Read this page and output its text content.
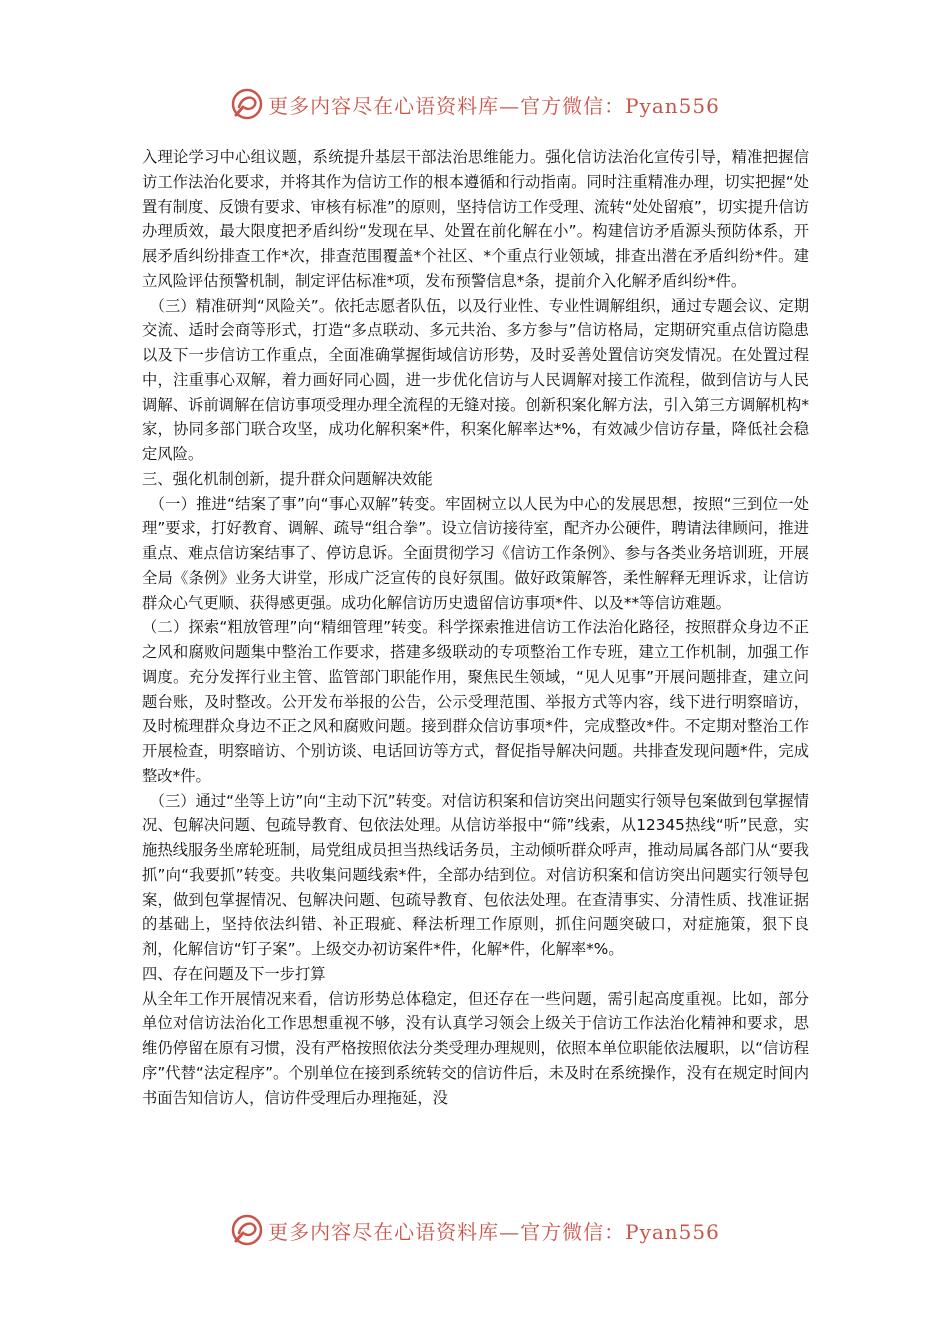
更多内容尽在心语资料库—官方微信：Pyan556

入理论学习中心组议题，系统提升基层干部法治思维能力。强化信访法治化宣传引导，精准把握信访工作法治化要求，并将其作为信访工作的根本遵循和行动指南。同时注重精准办理，切实把握“处置有制度、反馈有要求、审核有标准”的原则，坚持信访工作受理、流转“处处留痕”，切实提升信访办理质效，最大限度把矛盾纠纷“发现在早、处置在前化解在小”。构建信访矛盾源头预防体系，开展矛盾纠纷排查工作*次，排查范围覆盖*个社区、*个重点行业领域，排查出潜在矛盾纠纷*件。建立风险评估预警机制，制定评估标准*项，发布预警信息*条，提前介入化解矛盾纠纷*件。

（三）精准研判“风险关”。依托志愿者队伍，以及行业性、专业性调解组织，通过专题会议、定期交流、适时会商等形式，打造“多点联动、多元共治、多方参与”信访格局，定期研究重点信访隐患以及下一步信访工作重点，全面准确掌握街域信访形势，及时妥善处置信访突发情况。在处置过程中，注重事心双解，着力画好同心圆，进一步优化信访与人民调解对接工作流程，做到信访与人民调解、诉前调解在信访事项受理办理全流程的无缝对接。创新积案化解方法，引入第三方调解机构*家，协同多部门联合攻坚，成功化解积案*件，积案化解率达*%，有效减少信访存量，降低社会稳定风险。

三、强化机制创新，提升群众问题解决效能

（一）推进“结案了事”向“事心双解”转变。牢固树立以人民为中心的发展思想，按照“三到位一处理”要求，打好教育、调解、疏导“组合拳”。设立信访接待室，配齐办公硬件，聘请法律顾问，推进重点、难点信访案结事了、停访息诉。全面贯彻学习《信访工作条例》、参与各类业务培训班，开展全局《条例》业务大讲堂，形成广泛宣传的良好氛围。做好政策解答，柔性解释无理诉求，让信访群众心气更顺、获得感更强。成功化解信访历史遗留信访事项*件、以及**等信访难题。

（二）探索“粗放管理”向“精细管理”转变。科学探索推进信访工作法治化路径，按照群众身边不正之风和腐败问题集中整治工作要求，搭建多级联动的专项整治工作专班，建立工作机制，加强工作调度。充分发挥行业主管、监管部门职能作用，聚焦民生领域，“见人见事”开展问题排查，建立问题台账，及时整改。公开发布举报的公告，公示受理范围、举报方式等内容，线下进行明察暗访，及时梳理群众身边不正之风和腐败问题。接到群众信访事项*件，完成整改*件。不定期对整治工作开展检查，明察暗访、个别访谈、电话回访等方式，督促指导解决问题。共排查发现问题*件，完成整改*件。

（三）通过“坐等上访”向“主动下沉”转变。对信访积案和信访突出问题实行领导包案做到包掌握情况、包解决问题、包疏导教育、包依法处理。从信访举报中“筛”线索，从12345热线“听”民意，实施热线服务坐席轮班制，局党组成员担当热线话务员，主动倾听群众呼声，推动局属各部门从“要我抓”向“我要抓”转变。共收集问题线索*件，全部办结到位。对信访积案和信访突出问题实行领导包案，做到包掌握情况、包解决问题、包疏导教育、包依法处理。在查清事实、分清性质、找准证据的基础上，坚持依法纠错、补正瑕疵、释法析理工作原则，抓住问题突破口，对症施策，狠下良剂，化解信访“钉子案”。上级交办初访案件*件，化解*件，化解率*%。

四、存在问题及下一步打算

从全年工作开展情况来看，信访形势总体稳定，但还存在一些问题，需引起高度重视。比如，部分单位对信访法治化工作思想重视不够，没有认真学习领会上级关于信访工作法治化精神和要求，思维仍停留在原有习惯，没有严格按照依法分类受理办理规则，依照本单位职能依法履职，以“信访程序”代替“法定程序”。个别单位在接到系统转交的信访件后，未及时在系统操作，没有在规定时间内书面告知信访人，信访件受理后办理拖延，没

更多内容尽在心语资料库—官方微信：Pyan556
